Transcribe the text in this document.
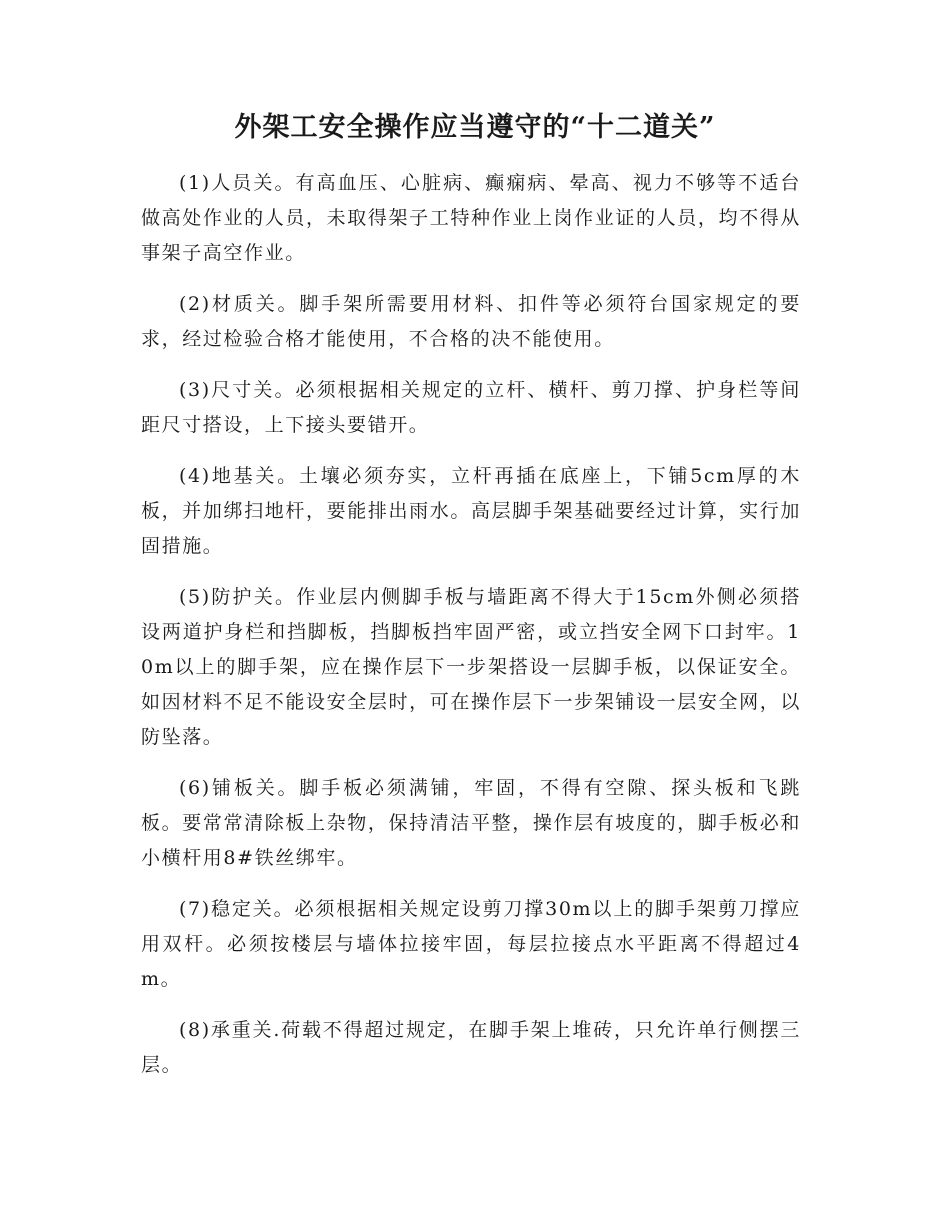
外架工安全操作应当遵守的“十二道关”

(1)人员关。有高血压、心脏病、癫痫病、晕高、视力不够等不适台做高处作业的人员，未取得架子工特种作业上岗作业证的人员，均不得从事架子高空作业。

(2)材质关。脚手架所需要用材料、扣件等必须符台国家规定的要求，经过检验合格才能使用，不合格的决不能使用。

(3)尺寸关。必须根据相关规定的立杆、横杆、剪刀撑、护身栏等间距尺寸搭设，上下接头要错开。

(4)地基关。土壤必须夯实，立杆再插在底座上，下铺5cm厚的木板，并加绑扫地杆，要能排出雨水。高层脚手架基础要经过计算，实行加固措施。

(5)防护关。作业层内侧脚手板与墙距离不得大于15cm外侧必须搭设两道护身栏和挡脚板，挡脚板挡牢固严密，或立挡安全网下口封牢。10m以上的脚手架，应在操作层下一步架搭设一层脚手板，以保证安全。如因材料不足不能设安全层时，可在操作层下一步架铺设一层安全网，以防坠落。

(6)铺板关。脚手板必须满铺，牢固，不得有空隙、探头板和飞跳板。要常常清除板上杂物，保持清洁平整，操作层有坡度的，脚手板必和小横杆用8#铁丝绑牢。

(7)稳定关。必须根据相关规定设剪刀撑30m以上的脚手架剪刀撑应用双杆。必须按楼层与墙体拉接牢固，每层拉接点水平距离不得超过4m。

(8)承重关.荷载不得超过规定，在脚手架上堆砖，只允许单行侧摆三层。
